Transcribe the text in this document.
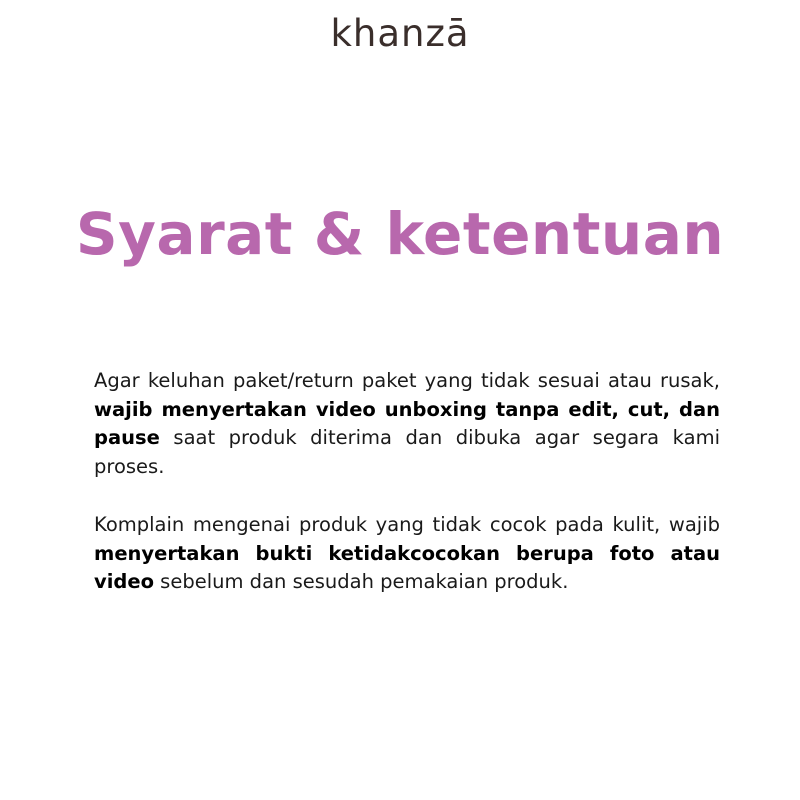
khanzā
Syarat & ketentuan

Agar keluhan paket/return paket yang tidak sesuai atau rusak, wajib menyertakan video unboxing tanpa edit, cut, dan pause saat produk diterima dan dibuka agar segara kami proses.

Komplain mengenai produk yang tidak cocok pada kulit, wajib menyertakan bukti ketidakcocokan berupa foto atau video sebelum dan sesudah pemakaian produk.
